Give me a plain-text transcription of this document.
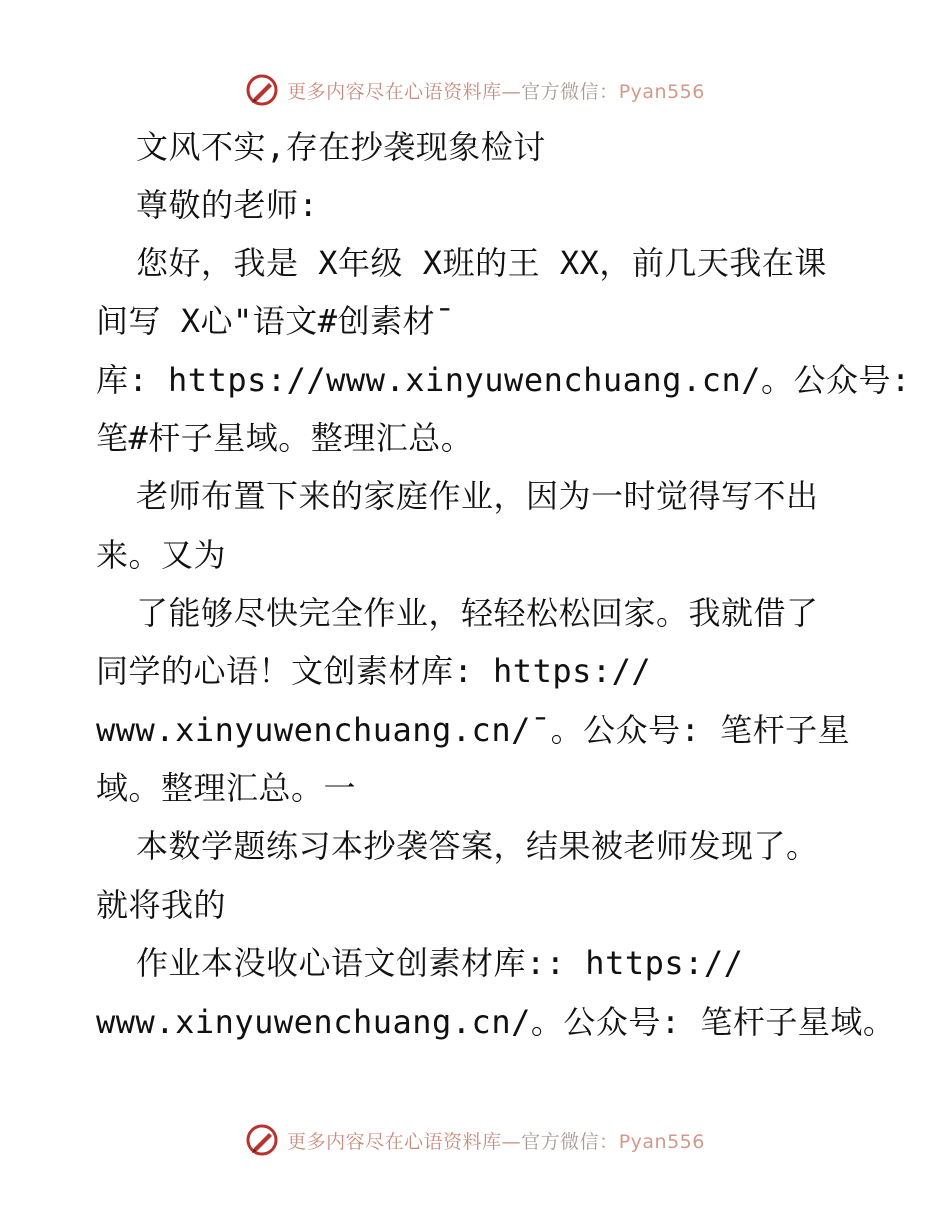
更多内容尽在心语资料库—官方微信：Pyan556
文风不实,存在抄袭现象检讨
尊敬的老师:
您好，我是 X年级 X班的王 XX，前几天我在课
间写 X心"语文#创素材¯
库: https://www.xinyuwenchuang.cn/。公众号:
笔#杆子星域。整理汇总。
老师布置下来的家庭作业，因为一时觉得写不出
来。又为
了能够尽快完全作业，轻轻松松回家。我就借了
同学的心语！文创素材库: https://
www.xinyuwenchuang.cn/¯。公众号: 笔杆子星
域。整理汇总。一
本数学题练习本抄袭答案，结果被老师发现了。
就将我的
作业本没收心语文创素材库:: https://
www.xinyuwenchuang.cn/。公众号: 笔杆子星域。
更多内容尽在心语资料库—官方微信：Pyan556
